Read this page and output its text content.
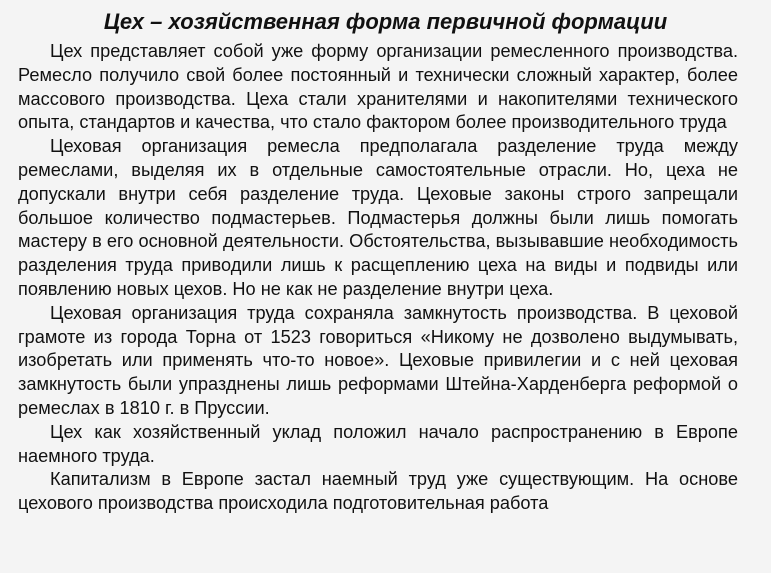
Цех – хозяйственная форма первичной формации

Цех представляет собой уже форму организации ремесленного производства. Ремесло получило свой более постоянный и технически сложный характер, более массового производства. Цеха стали хранителями и накопителями технического опыта, стандартов и качества, что стало фактором более производительного труда

Цеховая организация ремесла предполагала разделение труда между ремеслами, выделяя их в отдельные самостоятельные отрасли. Но, цеха не допускали внутри себя разделение труда. Цеховые законы строго запрещали большое количество подмастерьев. Подмастерья должны были лишь помогать мастеру в его основной деятельности. Обстоятельства, вызывавшие необходимость разделения труда приводили лишь к расщеплению цеха на виды и подвиды или появлению новых цехов. Но не как не разделение внутри цеха.

Цеховая организация труда сохраняла замкнутость производства. В цеховой грамоте из города Торна от 1523 говориться «Никому не дозволено выдумывать, изобретать или применять что-то новое». Цеховые привилегии и с ней цеховая замкнутость были упразднены лишь реформами Штейна-Харденберга реформой о ремеслах в 1810 г. в Пруссии.

Цех как хозяйственный уклад положил начало распространению в Европе наемного труда.

Капитализм в Европе застал наемный труд уже существующим. На основе цехового производства происходила подготовительная работа
